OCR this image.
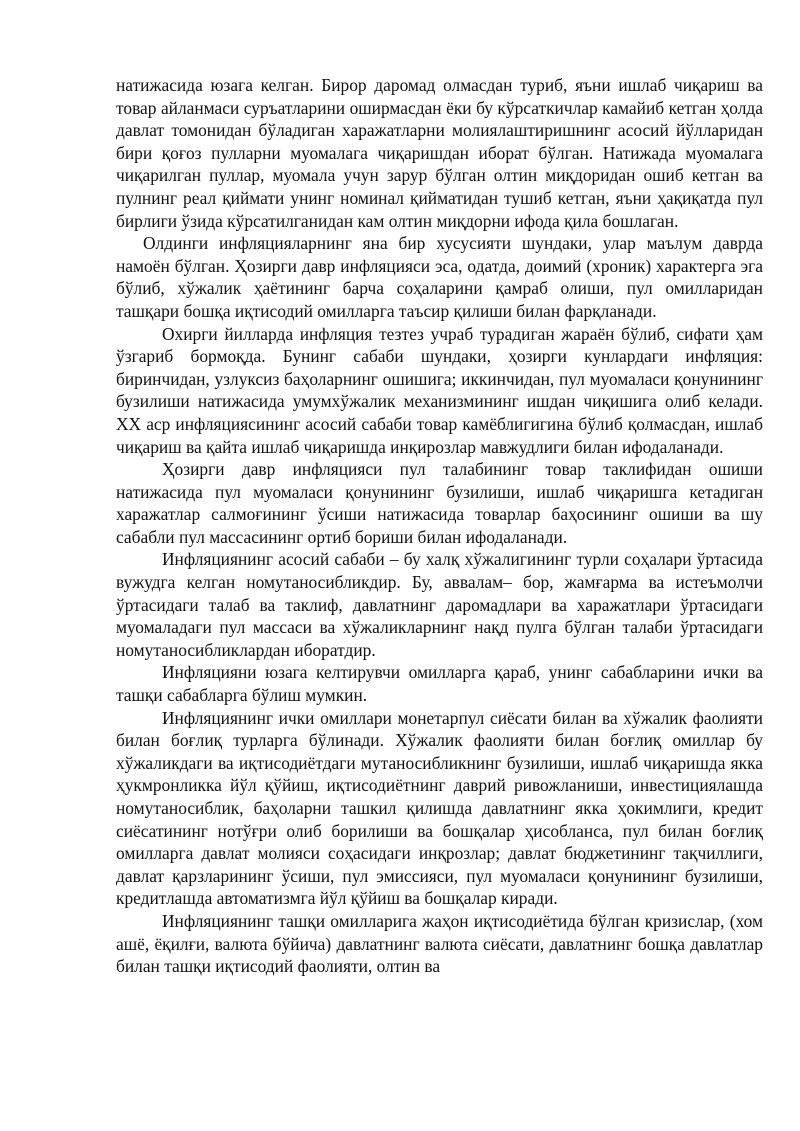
натижасида юзага келган. Бирор даромад олмасдан туриб, яъни ишлаб чиқариш ва товар айланмаси суръатларини оширмасдан ёки бу кўрсаткичлар камайиб кетган ҳолда давлат томонидан бўладиган харажатларни молиялаштиришнинг асосий йўлларидан бири қоғоз пулларни муомалага чиқаришдан иборат бўлган. Натижада муомалага чиқарилган пуллар, муомала учун зарур бўлган олтин миқдоридан ошиб кетган ва пулнинг реал қиймати унинг номинал қийматидан тушиб кетган, яъни ҳақиқатда пул бирлиги ўзида кўрсатилганидан кам олтин миқдорни ифода қила бошлаган.

Олдинги инфляцияларнинг яна бир хусусияти шундаки, улар маълум даврда намоён бўлган. Ҳозирги давр инфляцияси эса, одатда, доимий (хроник) характерга эга бўлиб, хўжалик ҳаётининг барча соҳаларини қамраб олиши, пул омилларидан ташқари бошқа иқтисодий омилларга таъсир қилиши билан фарқланади.

Охирги йилларда инфляция тезтез учраб турадиган жараён бўлиб, сифати ҳам ўзгариб бормоқда. Бунинг сабаби шундаки, ҳозирги кунлардаги инфляция: биринчидан, узлуксиз баҳоларнинг ошишига; иккинчидан, пул муомаласи қонунининг бузилиши натижасида умумхўжалик механизмининг ишдан чиқишига олиб келади. XX аср инфляциясининг асосий сабаби товар камёблигигина бўлиб қолмасдан, ишлаб чиқариш ва қайта ишлаб чиқаришда инқирозлар мавжудлиги билан ифодаланади.

Ҳозирги давр инфляцияси пул талабининг товар таклифидан ошиши натижасида пул муомаласи қонунининг бузилиши, ишлаб чиқаришга кетадиган харажатлар салмоғининг ўсиши натижасида товарлар баҳосининг ошиши ва шу сабабли пул массасининг ортиб бориши билан ифодаланади.

Инфляциянинг асосий сабаби – бу халқ хўжалигининг турли соҳалари ўртасида вужудга келган номутаносибликдир. Бу, аввалам– бор, жамғарма ва истеъмолчи ўртасидаги талаб ва таклиф, давлатнинг даромадлари ва харажатлари ўртасидаги муомаладаги пул массаси ва хўжаликларнинг нақд пулга бўлган талаби ўртасидаги номутаносибликлардан иборатдир.

Инфляцияни юзага келтирувчи омилларга қараб, унинг сабабларини ички ва ташқи сабабларга бўлиш мумкин.

Инфляциянинг ички омиллари монетарпул сиёсати билан ва хўжалик фаолияти билан боғлиқ турларга бўлинади. Хўжалик фаолияти билан боғлиқ омиллар бу хўжаликдаги ва иқтисодиётдаги мутаносибликнинг бузилиши, ишлаб чиқаришда якка ҳукмронликка йўл қўйиш, иқтисодиётнинг даврий ривожланиши, инвестициялашда номутаносиблик, баҳоларни ташкил қилишда давлатнинг якка ҳокимлиги, кредит сиёсатининг нотўғри олиб борилиши ва бошқалар ҳисобланса, пул билан боғлиқ омилларга давлат молияси соҳасидаги инқрозлар; давлат бюджетининг тақчиллиги, давлат қарзларининг ўсиши, пул эмиссияси, пул муомаласи қонунининг бузилиши, кредитлашда автоматизмга йўл қўйиш ва бошқалар киради.

Инфляциянинг ташқи омилларига жаҳон иқтисодиётида бўлган кризислар, (хом ашё, ёқилғи, валюта бўйича) давлатнинг валюта сиёсати, давлатнинг бошқа давлатлар билан ташқи иқтисодий фаолияти, олтин ва
